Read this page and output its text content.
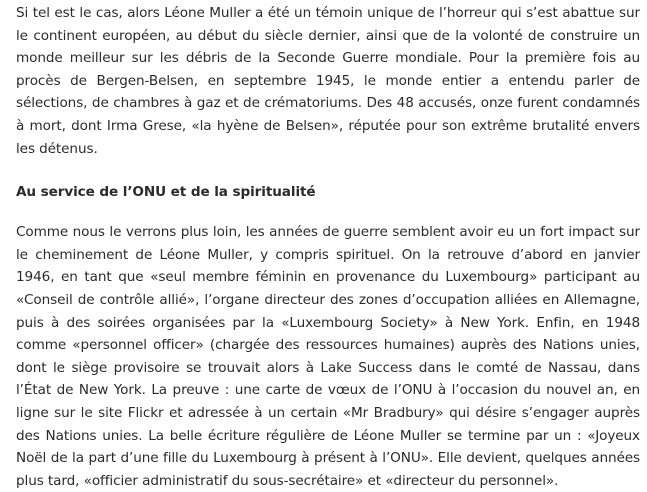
Si tel est le cas, alors Léone Muller a été un témoin unique de l’horreur qui s’est abattue sur le continent européen, au début du siècle dernier, ainsi que de la volonté de construire un monde meilleur sur les débris de la Seconde Guerre mondiale. Pour la première fois au procès de Bergen-Belsen, en septembre 1945, le monde entier a entendu parler de sélections, de chambres à gaz et de crématoriums. Des 48 accusés, onze furent condamnés à mort, dont Irma Grese, «la hyène de Belsen», réputée pour son extrême brutalité envers les détenus.

Au service de l’ONU et de la spiritualité

Comme nous le verrons plus loin, les années de guerre semblent avoir eu un fort impact sur le cheminement de Léone Muller, y compris spirituel. On la retrouve d’abord en janvier 1946, en tant que «seul membre féminin en provenance du Luxembourg» participant au «Conseil de contrôle allié», l’organe directeur des zones d’occupation alliées en Allemagne, puis à des soirées organisées par la «Luxembourg Society» à New York. Enfin, en 1948 comme «personnel officer» (chargée des ressources humaines) auprès des Nations unies, dont le siège provisoire se trouvait alors à Lake Success dans le comté de Nassau, dans l’État de New York. La preuve : une carte de vœux de l’ONU à l’occasion du nouvel an, en ligne sur le site Flickr et adressée à un certain «Mr Bradbury» qui désire s’engager auprès des Nations unies. La belle écriture régulière de Léone Muller se termine par un : «Joyeux Noël de la part d’une fille du Luxembourg à présent à l’ONU». Elle devient, quelques années plus tard, «officier administratif du sous-secrétaire» et «directeur du personnel».
